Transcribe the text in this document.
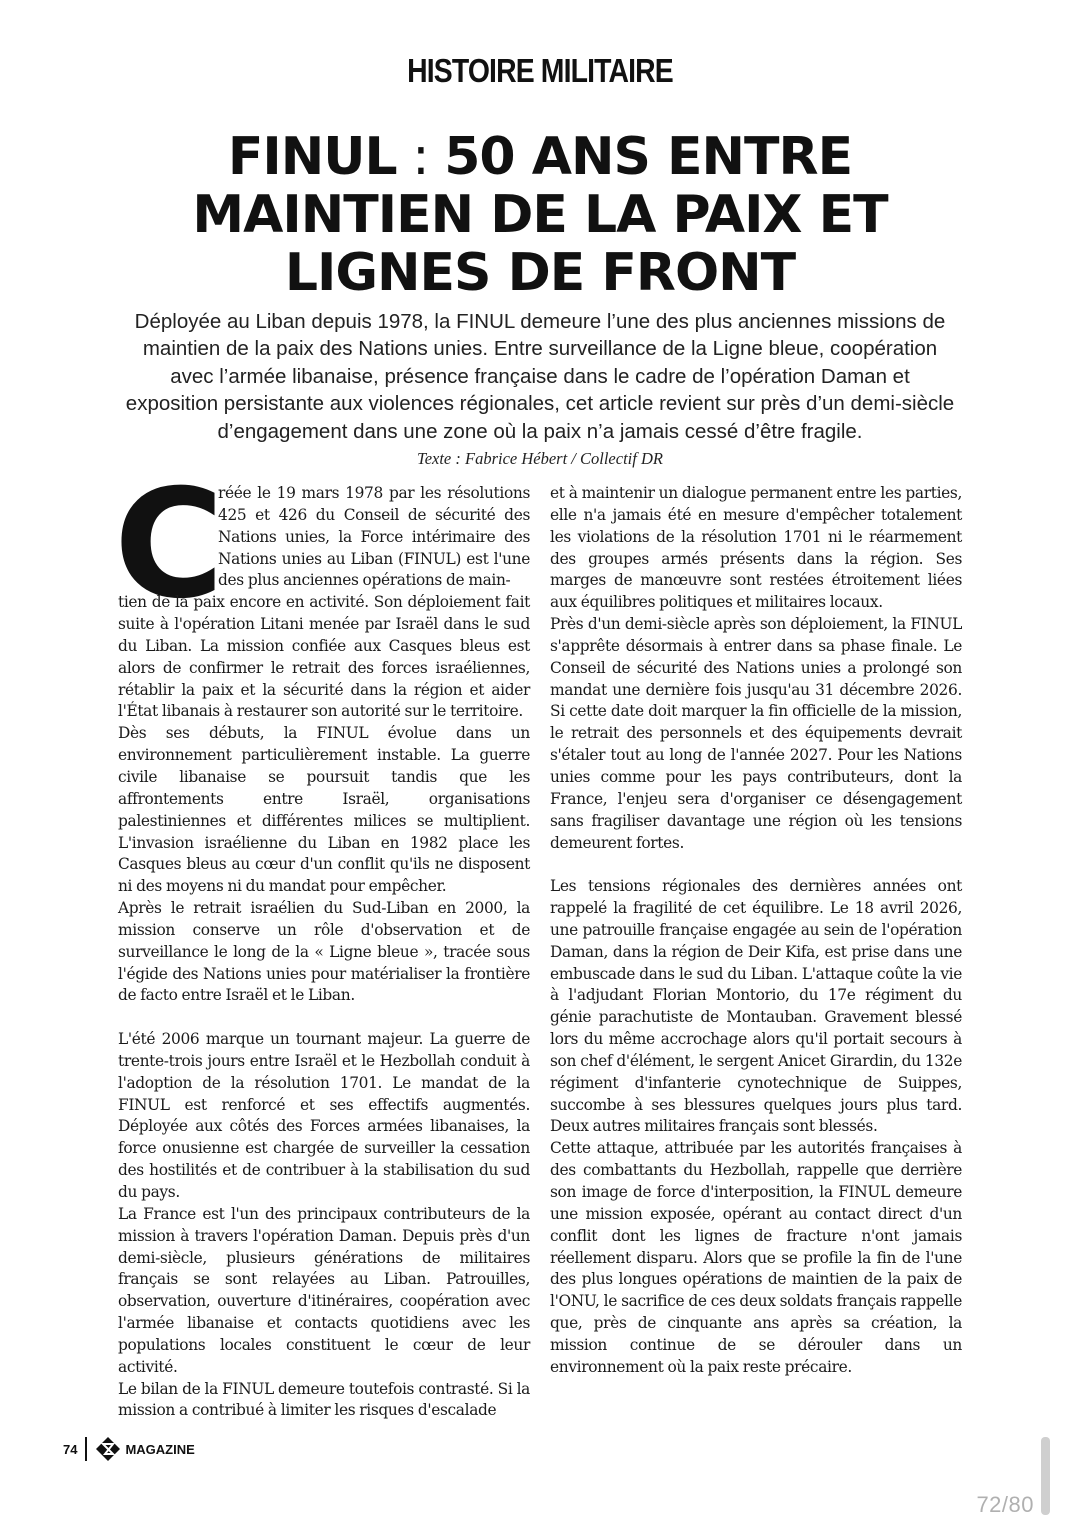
HISTOIRE MILITAIRE
FINUL : 50 ANS ENTRE
MAINTIEN DE LA PAIX ET
LIGNES DE FRONT
Déployée au Liban depuis 1978, la FINUL demeure l’une des plus anciennes missions de
maintien de la paix des Nations unies. Entre surveillance de la Ligne bleue, coopération
avec l’armée libanaise, présence française dans le cadre de l’opération Daman et
exposition persistante aux violences régionales, cet article revient sur près d’un demi-siècle
d’engagement dans une zone où la paix n’a jamais cessé d’être fragile.
Texte : Fabrice Hébert / Collectif DR
C

réée le 19 mars 1978 par les résolutions 425 et 426 du Conseil de sécurité des Nations unies, la Force intérimaire des Nations unies au Liban (FINUL) est l'une des plus anciennes opérations de main-

tien de la paix encore en activité. Son déploiement fait suite à l'opération Litani menée par Israël dans le sud du Liban. La mission confiée aux Casques bleus est alors de confirmer le retrait des forces israéliennes, rétablir la paix et la sécurité dans la région et aider l'État libanais à restaurer son autorité sur le territoire.

Dès ses débuts, la FINUL évolue dans un environnement particulièrement instable. La guerre civile libanaise se poursuit tandis que les affrontements entre Israël, organisations palestiniennes et différentes milices se multiplient. L'invasion israélienne du Liban en 1982 place les Casques bleus au cœur d'un conflit qu'ils ne disposent ni des moyens ni du mandat pour empêcher.

Après le retrait israélien du Sud-Liban en 2000, la mission conserve un rôle d'observation et de surveillance le long de la « Ligne bleue », tracée sous l'égide des Nations unies pour matérialiser la frontière de facto entre Israël et le Liban.

L'été 2006 marque un tournant majeur. La guerre de trente-trois jours entre Israël et le Hezbollah conduit à l'adoption de la résolution 1701. Le mandat de la FINUL est renforcé et ses effectifs augmentés. Déployée aux côtés des Forces armées libanaises, la force onusienne est chargée de surveiller la cessation des hostilités et de contribuer à la stabilisation du sud du pays.

La France est l'un des principaux contributeurs de la mission à travers l'opération Daman. Depuis près d'un demi-siècle, plusieurs générations de militaires français se sont relayées au Liban. Patrouilles, observation, ouverture d'itinéraires, coopération avec l'armée libanaise et contacts quotidiens avec les populations locales constituent le cœur de leur activité.

Le bilan de la FINUL demeure toutefois contrasté. Si la mission a contribué à limiter les risques d'escalade

et à maintenir un dialogue permanent entre les parties, elle n'a jamais été en mesure d'empêcher totalement les violations de la résolution 1701 ni le réarmement des groupes armés présents dans la région. Ses marges de manœuvre sont restées étroitement liées aux équilibres politiques et militaires locaux.

Près d'un demi-siècle après son déploiement, la FINUL s'apprête désormais à entrer dans sa phase finale. Le Conseil de sécurité des Nations unies a prolongé son mandat une dernière fois jusqu'au 31 décembre 2026. Si cette date doit marquer la fin officielle de la mission, le retrait des personnels et des équipements devrait s'étaler tout au long de l'année 2027. Pour les Nations unies comme pour les pays contributeurs, dont la France, l'enjeu sera d'organiser ce désengagement sans fragiliser davantage une région où les tensions demeurent fortes.

Les tensions régionales des dernières années ont rappelé la fragilité de cet équilibre. Le 18 avril 2026, une patrouille française engagée au sein de l'opération Daman, dans la région de Deir Kifa, est prise dans une embuscade dans le sud du Liban. L'attaque coûte la vie à l'adjudant Florian Montorio, du 17e régiment du génie parachutiste de Montauban. Gravement blessé lors du même accrochage alors qu'il portait secours à son chef d'élément, le sergent Anicet Girardin, du 132e régiment d'infanterie cynotechnique de Suippes, succombe à ses blessures quelques jours plus tard. Deux autres militaires français sont blessés.

Cette attaque, attribuée par les autorités françaises à des combattants du Hezbollah, rappelle que derrière son image de force d'interposition, la FINUL demeure une mission exposée, opérant au contact direct d'un conflit dont les lignes de fracture n'ont jamais réellement disparu. Alors que se profile la fin de l'une des plus longues opérations de maintien de la paix de l'ONU, le sacrifice de ces deux soldats français rappelle que, près de cinquante ans après sa création, la mission continue de se dérouler dans un environnement où la paix reste précaire.

74	MAGAZINE
72/80
